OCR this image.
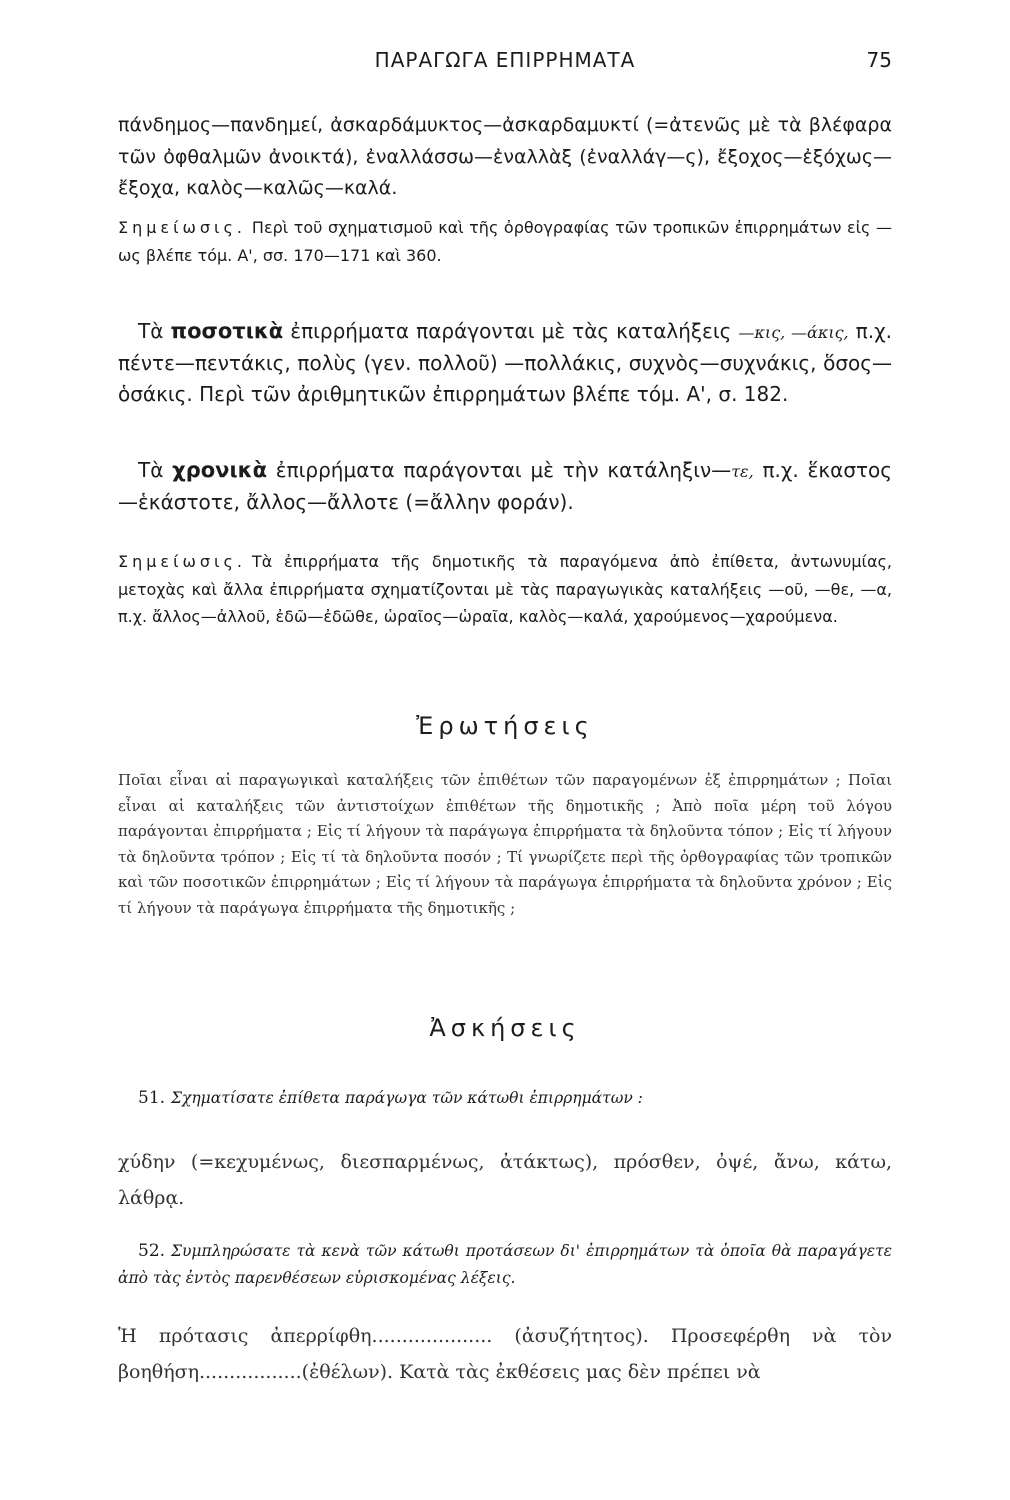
ΠΑΡΑΓΩΓΑ ΕΠΙΡΡΗΜΑΤΑ	75
πάνδημος—πανδημεί, ἀσκαρδάμυκτος—ἀσκαρδαμυκτί (=ἀτενῶς μὲ τὰ βλέφαρα τῶν ὀφθαλμῶν ἀνοικτά), ἐναλλάσσω—ἐναλλὰξ (ἐναλλάγ—ς), ἔξοχος—ἐξόχως—ἔξοχα, καλὸς—καλῶς—καλά.
Σημείωσις. Περὶ τοῦ σχηματισμοῦ καὶ τῆς ὀρθογραφίας τῶν τροπικῶν ἐπιρρημάτων εἰς —ως βλέπε τόμ. Α', σσ. 170—171 καὶ 360.
Τὰ ποσοτικὰ ἐπιρρήματα παράγονται μὲ τὰς καταλήξεις —κις, —άκις, π.χ. πέντε—πεντάκις, πολὺς (γεν. πολλοῦ) —πολλάκις, συχνὸς—συχνάκις, ὅσος—ὁσάκις. Περὶ τῶν ἀριθμητικῶν ἐπιρρημάτων βλέπε τόμ. Α', σ. 182.
Τὰ χρονικὰ ἐπιρρήματα παράγονται μὲ τὴν κατάληξιν—τε, π.χ. ἕκαστος—ἑκάστοτε, ἄλλος—ἄλλοτε (=ἄλλην φοράν).
Σημείωσις. Τὰ ἐπιρρήματα τῆς δημοτικῆς τὰ παραγόμενα ἀπὸ ἐπίθετα, ἀντωνυμίας, μετοχὰς καὶ ἄλλα ἐπιρρήματα σχηματίζονται μὲ τὰς παραγωγικὰς καταλήξεις —οῦ, —θε, —α, π.χ. ἄλλος—ἀλλοῦ, ἐδῶ—ἐδῶθε, ὡραῖος—ὡραῖα, καλὸς—καλά, χαρούμενος—χαρούμενα.
Ἐρωτήσεις
Ποῖαι εἶναι αἱ παραγωγικαὶ καταλήξεις τῶν ἐπιθέτων τῶν παραγομένων ἐξ ἐπιρρημάτων ; Ποῖαι εἶναι αἱ καταλήξεις τῶν ἀντιστοίχων ἐπιθέτων τῆς δημοτικῆς ; Ἀπὸ ποῖα μέρη τοῦ λόγου παράγονται ἐπιρρήματα ; Εἰς τί λήγουν τὰ παράγωγα ἐπιρρήματα τὰ δηλοῦντα τόπον ; Εἰς τί λήγουν τὰ δηλοῦντα τρόπον ; Εἰς τί τὰ δηλοῦντα ποσόν ; Τί γνωρίζετε περὶ τῆς ὀρθογραφίας τῶν τροπικῶν καὶ τῶν ποσοτικῶν ἐπιρρημάτων ; Εἰς τί λήγουν τὰ παράγωγα ἐπιρρήματα τὰ δηλοῦντα χρόνον ; Εἰς τί λήγουν τὰ παράγωγα ἐπιρρήματα τῆς δημοτικῆς ;
Ἀσκήσεις
51. Σχηματίσατε ἐπίθετα παράγωγα τῶν κάτωθι ἐπιρρημάτων :
χύδην (=κεχυμένως, διεσπαρμένως, ἀτάκτως), πρόσθεν, ὀψέ, ἄνω, κάτω, λάθρᾳ.
52. Συμπληρώσατε τὰ κενὰ τῶν κάτωθι προτάσεων δι' ἐπιρρημάτων τὰ ὁποῖα θὰ παραγάγετε ἀπὸ τὰς ἐντὸς παρενθέσεων εὑρισκομένας λέξεις.
Ἡ πρότασις ἀπερρίφθη.................... (ἀσυζήτητος). Προσεφέρθη νὰ τὸν βοηθήση.................(ἐθέλων). Κατὰ τὰς ἐκθέσεις μας δὲν πρέπει νὰ
